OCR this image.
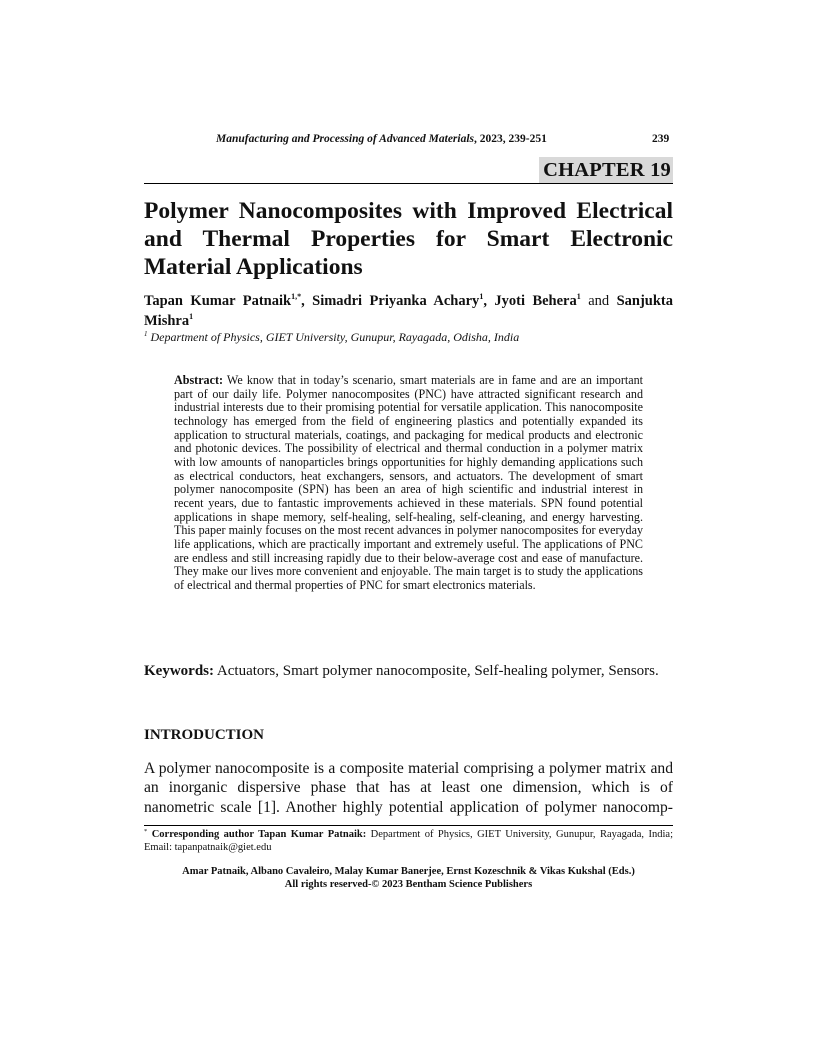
Manufacturing and Processing of Advanced Materials, 2023, 239-251	239
CHAPTER 19
Polymer Nanocomposites with Improved Electrical and Thermal Properties for Smart Electronic Material Applications
Tapan Kumar Patnaik$^{1,*}$, Simadri Priyanka Achary$^1$, Jyoti Behera$^1$ and Sanjukta Mishra$^1$
$^1$ Department of Physics, GIET University, Gunupur, Rayagada, Odisha, India
Abstract: We know that in today’s scenario, smart materials are in fame and are an important part of our daily life. Polymer nanocomposites (PNC) have attracted significant research and industrial interests due to their promising potential for versatile application. This nanocomposite technology has emerged from the field of engineering plastics and potentially expanded its application to structural materials, coatings, and packaging for medical products and electronic and photonic devices. The possibility of electrical and thermal conduction in a polymer matrix with low amounts of nanoparticles brings opportunities for highly demanding applications such as electrical conductors, heat exchangers, sensors, and actuators. The development of smart polymer nanocomposite (SPN) has been an area of high scientific and industrial interest in recent years, due to fantastic improvements achieved in these materials. SPN found potential applications in shape memory, self-healing, self-healing, self-cleaning, and energy harvesting. This paper mainly focuses on the most recent advances in polymer nanocomposites for everyday life applications, which are practically important and extremely useful. The applications of PNC are endless and still increasing rapidly due to their below-average cost and ease of manufacture. They make our lives more convenient and enjoyable. The main target is to study the applications of electrical and thermal properties of PNC for smart electronics materials.
Keywords: Actuators, Smart polymer nanocomposite, Self-healing polymer, Sensors.
INTRODUCTION
A polymer nanocomposite is a composite material comprising a polymer matrix and an inorganic dispersive phase that has at least one dimension, which is of nanometric scale [1]. Another highly potential application of polymer nanocomp-
* Corresponding author Tapan Kumar Patnaik: Department of Physics, GIET University, Gunupur, Rayagada, India; Email: tapanpatnaik@giet.edu
Amar Patnaik, Albano Cavaleiro, Malay Kumar Banerjee, Ernst Kozeschnik & Vikas Kukshal (Eds.)
All rights reserved-© 2023 Bentham Science Publishers
